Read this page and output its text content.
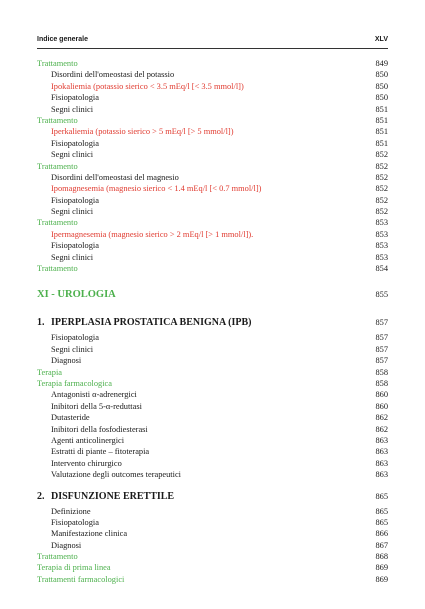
Indice generale	XLV
Trattamento	849
Disordini dell'omeostasi del potassio	850
Ipokaliemia (potassio sierico < 3.5 mEq/l [< 3.5 mmol/l])	850
Fisiopatologia	850
Segni clinici	851
Trattamento	851
Iperkaliemia (potassio sierico > 5 mEq/l [> 5 mmol/l])	851
Fisiopatologia	851
Segni clinici	852
Trattamento	852
Disordini dell'omeostasi del magnesio	852
Ipomagnesemia (magnesio sierico < 1.4 mEq/l [< 0.7 mmol/l])	852
Fisiopatologia	852
Segni clinici	852
Trattamento	853
Ipermagnesemia (magnesio sierico > 2 mEq/l [> 1 mmol/l]).	853
Fisiopatologia	853
Segni clinici	853
Trattamento	854
XI - UROLOGIA	855
1. IPERPLASIA PROSTATICA BENIGNA (IPB)	857
Fisiopatologia	857
Segni clinici	857
Diagnosi	857
Terapia	858
Terapia farmacologica	858
Antagonisti α-adrenergici	860
Inibitori della 5-α-reduttasi	860
Dutasteride	862
Inibitori della fosfodiesterasi	862
Agenti anticolinergici	863
Estratti di piante – fitoterapia	863
Intervento chirurgico	863
Valutazione degli outcomes terapeutici	863
2. DISFUNZIONE ERETTILE	865
Definizione	865
Fisiopatologia	865
Manifestazione clinica	866
Diagnosi	867
Trattamento	868
Terapia di prima linea	869
Trattamenti farmacologici	869
